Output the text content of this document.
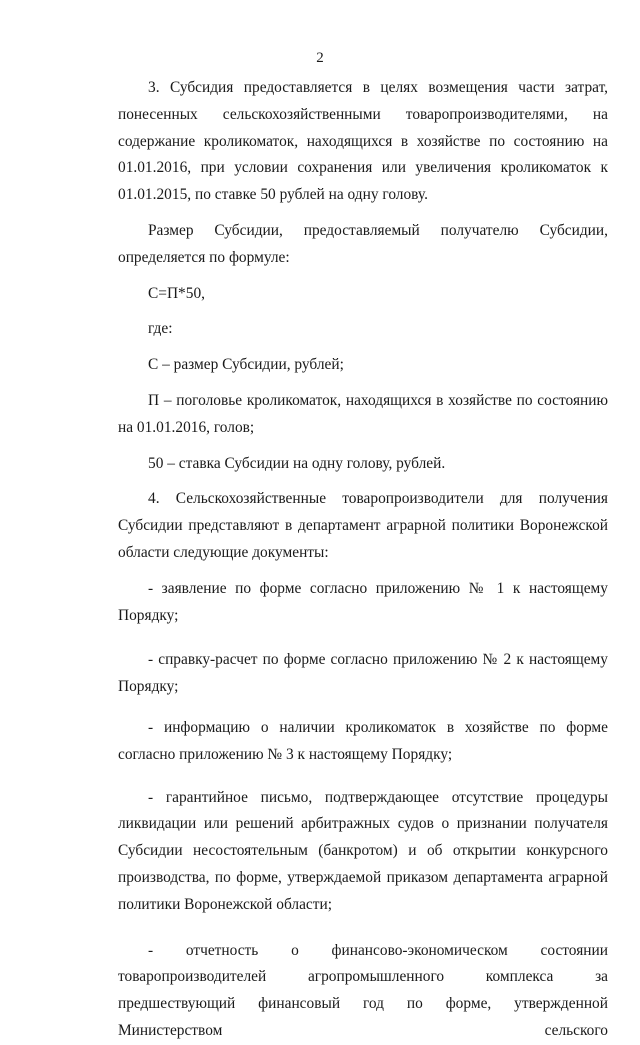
2

3. Субсидия предоставляется в целях возмещения части затрат, понесенных сельскохозяйственными товаропроизводителями, на содержание кроликоматок, находящихся в хозяйстве по состоянию на 01.01.2016, при условии сохранения или увеличения кроликоматок к 01.01.2015, по ставке 50 рублей на одну голову.

Размер Субсидии, предоставляемый получателю Субсидии, определяется по формуле:

С=П*50,

где:

С – размер Субсидии, рублей;

П – поголовье кроликоматок, находящихся в хозяйстве по состоянию на 01.01.2016, голов;

50 – ставка Субсидии на одну голову, рублей.

4. Сельскохозяйственные товаропроизводители для получения Субсидии представляют в департамент аграрной политики Воронежской области следующие документы:

- заявление по форме согласно приложению № 1 к настоящему Порядку;

- справку-расчет по форме согласно приложению № 2 к настоящему Порядку;

- информацию о наличии кроликоматок в хозяйстве по форме согласно приложению № 3 к настоящему Порядку;

- гарантийное письмо, подтверждающее отсутствие процедуры ликвидации или решений арбитражных судов о признании получателя Субсидии несостоятельным (банкротом) и об открытии конкурсного производства, по форме, утверждаемой приказом департамента аграрной политики Воронежской области;

- отчетность о финансово-экономическом состоянии товаропроизводителей агропромышленного комплекса за предшествующий финансовый год по форме, утвержденной Министерством сельского
